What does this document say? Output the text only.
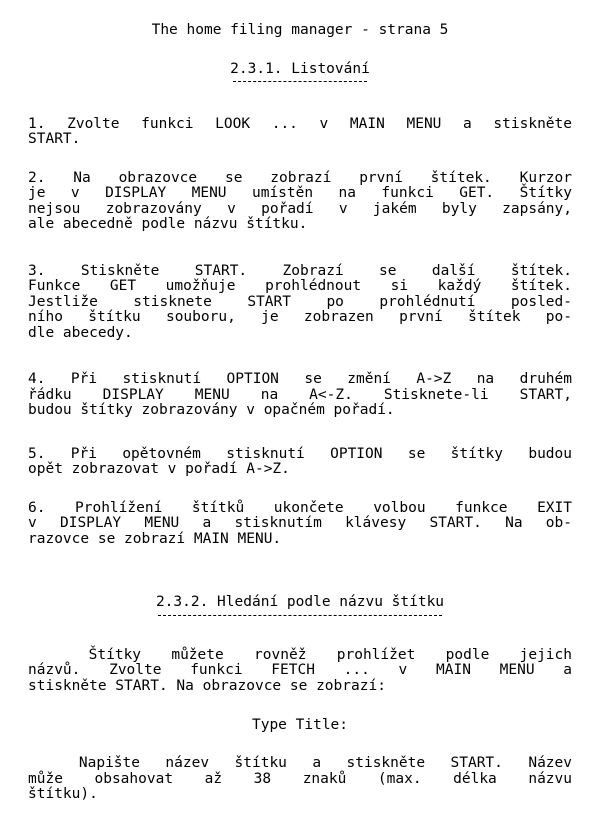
The home filing manager - strana 5
2.3.1. Listování
1. Zvolte funkci LOOK ... v MAIN MENU a stiskněte
START.
2. Na obrazovce se zobrazí první štítek. Kurzor
je v DISPLAY MENU umístěn na funkci GET. Štítky
nejsou zobrazovány v pořadí v jakém byly zapsány,
ale abecedně podle názvu štítku.
3. Stiskněte START. Zobrazí se další štítek.
Funkce GET umožňuje prohlédnout si každý štítek.
Jestliže stisknete START po prohlédnutí posled-
ního štítku souboru, je zobrazen první štítek po-
dle abecedy.
4. Při stisknutí OPTION se změní A->Z na druhém
řádku DISPLAY MENU na A<-Z. Stisknete-li START,
budou štítky zobrazovány v opačném pořadí.
5. Při opětovném stisknutí OPTION se štítky budou
opět zobrazovat v pořadí A->Z.
6. Prohlížení štítků ukončete volbou funkce EXIT
v DISPLAY MENU a stisknutím klávesy START. Na ob-
razovce se zobrazí MAIN MENU.
2.3.2. Hledání podle názvu štítku
Štítky můžete rovněž prohlížet podle jejich
názvů. Zvolte funkci FETCH ... v MAIN MENU a
stiskněte START. Na obrazovce se zobrazí:
Type Title:
Napište název štítku a stiskněte START. Název
může obsahovat až 38 znaků (max. délka názvu
štítku).
